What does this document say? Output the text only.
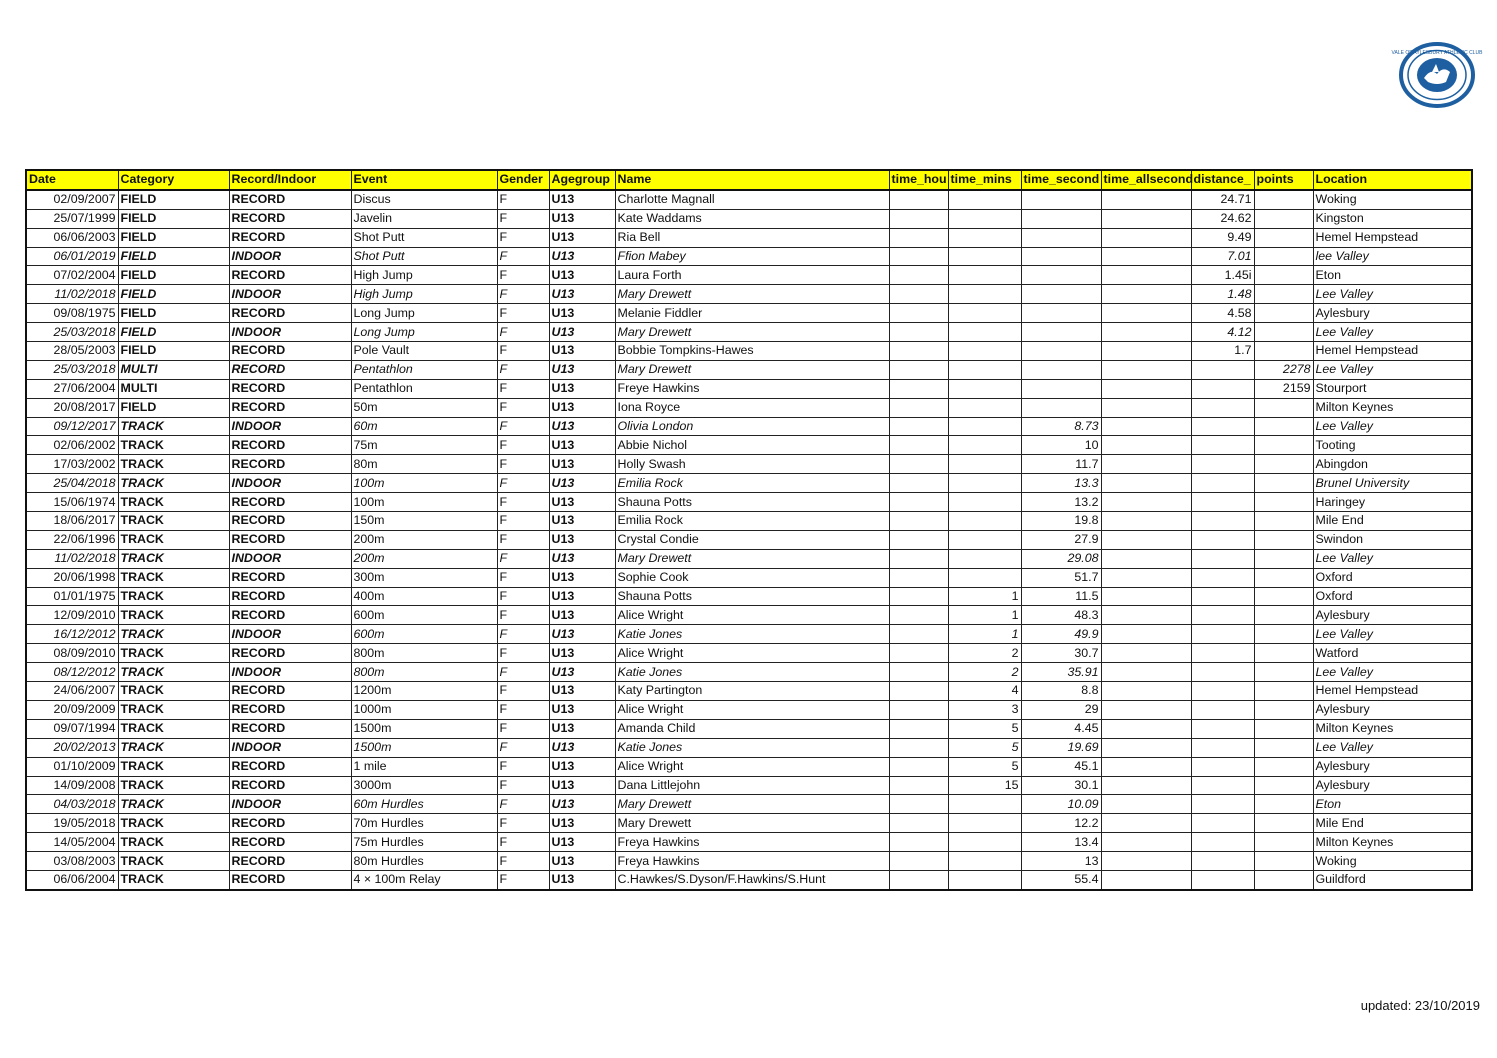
VALE OF AYLESBURY ATHLETIC CLUB
Date	Category	Record/Indoor	Event	Gender	Agegroup	Name	time_hou	time_mins	time_second	time_allsecond	distance_	points	Location
02/09/2007	FIELD	RECORD	Discus	F	U13	Charlotte Magnall					24.71		Woking
25/07/1999	FIELD	RECORD	Javelin	F	U13	Kate Waddams					24.62		Kingston
06/06/2003	FIELD	RECORD	Shot Putt	F	U13	Ria Bell					9.49		Hemel Hempstead
06/01/2019	FIELD	INDOOR	Shot Putt	F	U13	Ffion Mabey					7.01		lee Valley
07/02/2004	FIELD	RECORD	High Jump	F	U13	Laura Forth					1.45i		Eton
11/02/2018	FIELD	INDOOR	High Jump	F	U13	Mary Drewett					1.48		Lee Valley
09/08/1975	FIELD	RECORD	Long Jump	F	U13	Melanie Fiddler					4.58		Aylesbury
25/03/2018	FIELD	INDOOR	Long Jump	F	U13	Mary Drewett					4.12		Lee Valley
28/05/2003	FIELD	RECORD	Pole Vault	F	U13	Bobbie Tompkins-Hawes					1.7		Hemel Hempstead
25/03/2018	MULTI	RECORD	Pentathlon	F	U13	Mary Drewett						2278	Lee Valley
27/06/2004	MULTI	RECORD	Pentathlon	F	U13	Freye Hawkins						2159	Stourport
20/08/2017	FIELD	RECORD	50m	F	U13	Iona Royce							Milton Keynes
09/12/2017	TRACK	INDOOR	60m	F	U13	Olivia London			8.73				Lee Valley
02/06/2002	TRACK	RECORD	75m	F	U13	Abbie Nichol			10				Tooting
17/03/2002	TRACK	RECORD	80m	F	U13	Holly Swash			11.7				Abingdon
25/04/2018	TRACK	INDOOR	100m	F	U13	Emilia Rock			13.3				Brunel University
15/06/1974	TRACK	RECORD	100m	F	U13	Shauna Potts			13.2				Haringey
18/06/2017	TRACK	RECORD	150m	F	U13	Emilia Rock			19.8				Mile End
22/06/1996	TRACK	RECORD	200m	F	U13	Crystal Condie			27.9				Swindon
11/02/2018	TRACK	INDOOR	200m	F	U13	Mary Drewett			29.08				Lee Valley
20/06/1998	TRACK	RECORD	300m	F	U13	Sophie Cook			51.7				Oxford
01/01/1975	TRACK	RECORD	400m	F	U13	Shauna Potts		1	11.5				Oxford
12/09/2010	TRACK	RECORD	600m	F	U13	Alice Wright		1	48.3				Aylesbury
16/12/2012	TRACK	INDOOR	600m	F	U13	Katie Jones		1	49.9				Lee Valley
08/09/2010	TRACK	RECORD	800m	F	U13	Alice Wright		2	30.7				Watford
08/12/2012	TRACK	INDOOR	800m	F	U13	Katie Jones		2	35.91				Lee Valley
24/06/2007	TRACK	RECORD	1200m	F	U13	Katy Partington		4	8.8				Hemel Hempstead
20/09/2009	TRACK	RECORD	1000m	F	U13	Alice Wright		3	29				Aylesbury
09/07/1994	TRACK	RECORD	1500m	F	U13	Amanda Child		5	4.45				Milton Keynes
20/02/2013	TRACK	INDOOR	1500m	F	U13	Katie Jones		5	19.69				Lee Valley
01/10/2009	TRACK	RECORD	1 mile	F	U13	Alice Wright		5	45.1				Aylesbury
14/09/2008	TRACK	RECORD	3000m	F	U13	Dana Littlejohn		15	30.1				Aylesbury
04/03/2018	TRACK	INDOOR	60m Hurdles	F	U13	Mary Drewett			10.09				Eton
19/05/2018	TRACK	RECORD	70m Hurdles	F	U13	Mary Drewett			12.2				Mile End
14/05/2004	TRACK	RECORD	75m Hurdles	F	U13	Freya Hawkins			13.4				Milton Keynes
03/08/2003	TRACK	RECORD	80m Hurdles	F	U13	Freya Hawkins			13				Woking
06/06/2004	TRACK	RECORD	4 × 100m Relay	F	U13	C.Hawkes/S.Dyson/F.Hawkins/S.Hunt			55.4				Guildford
updated: 23/10/2019
